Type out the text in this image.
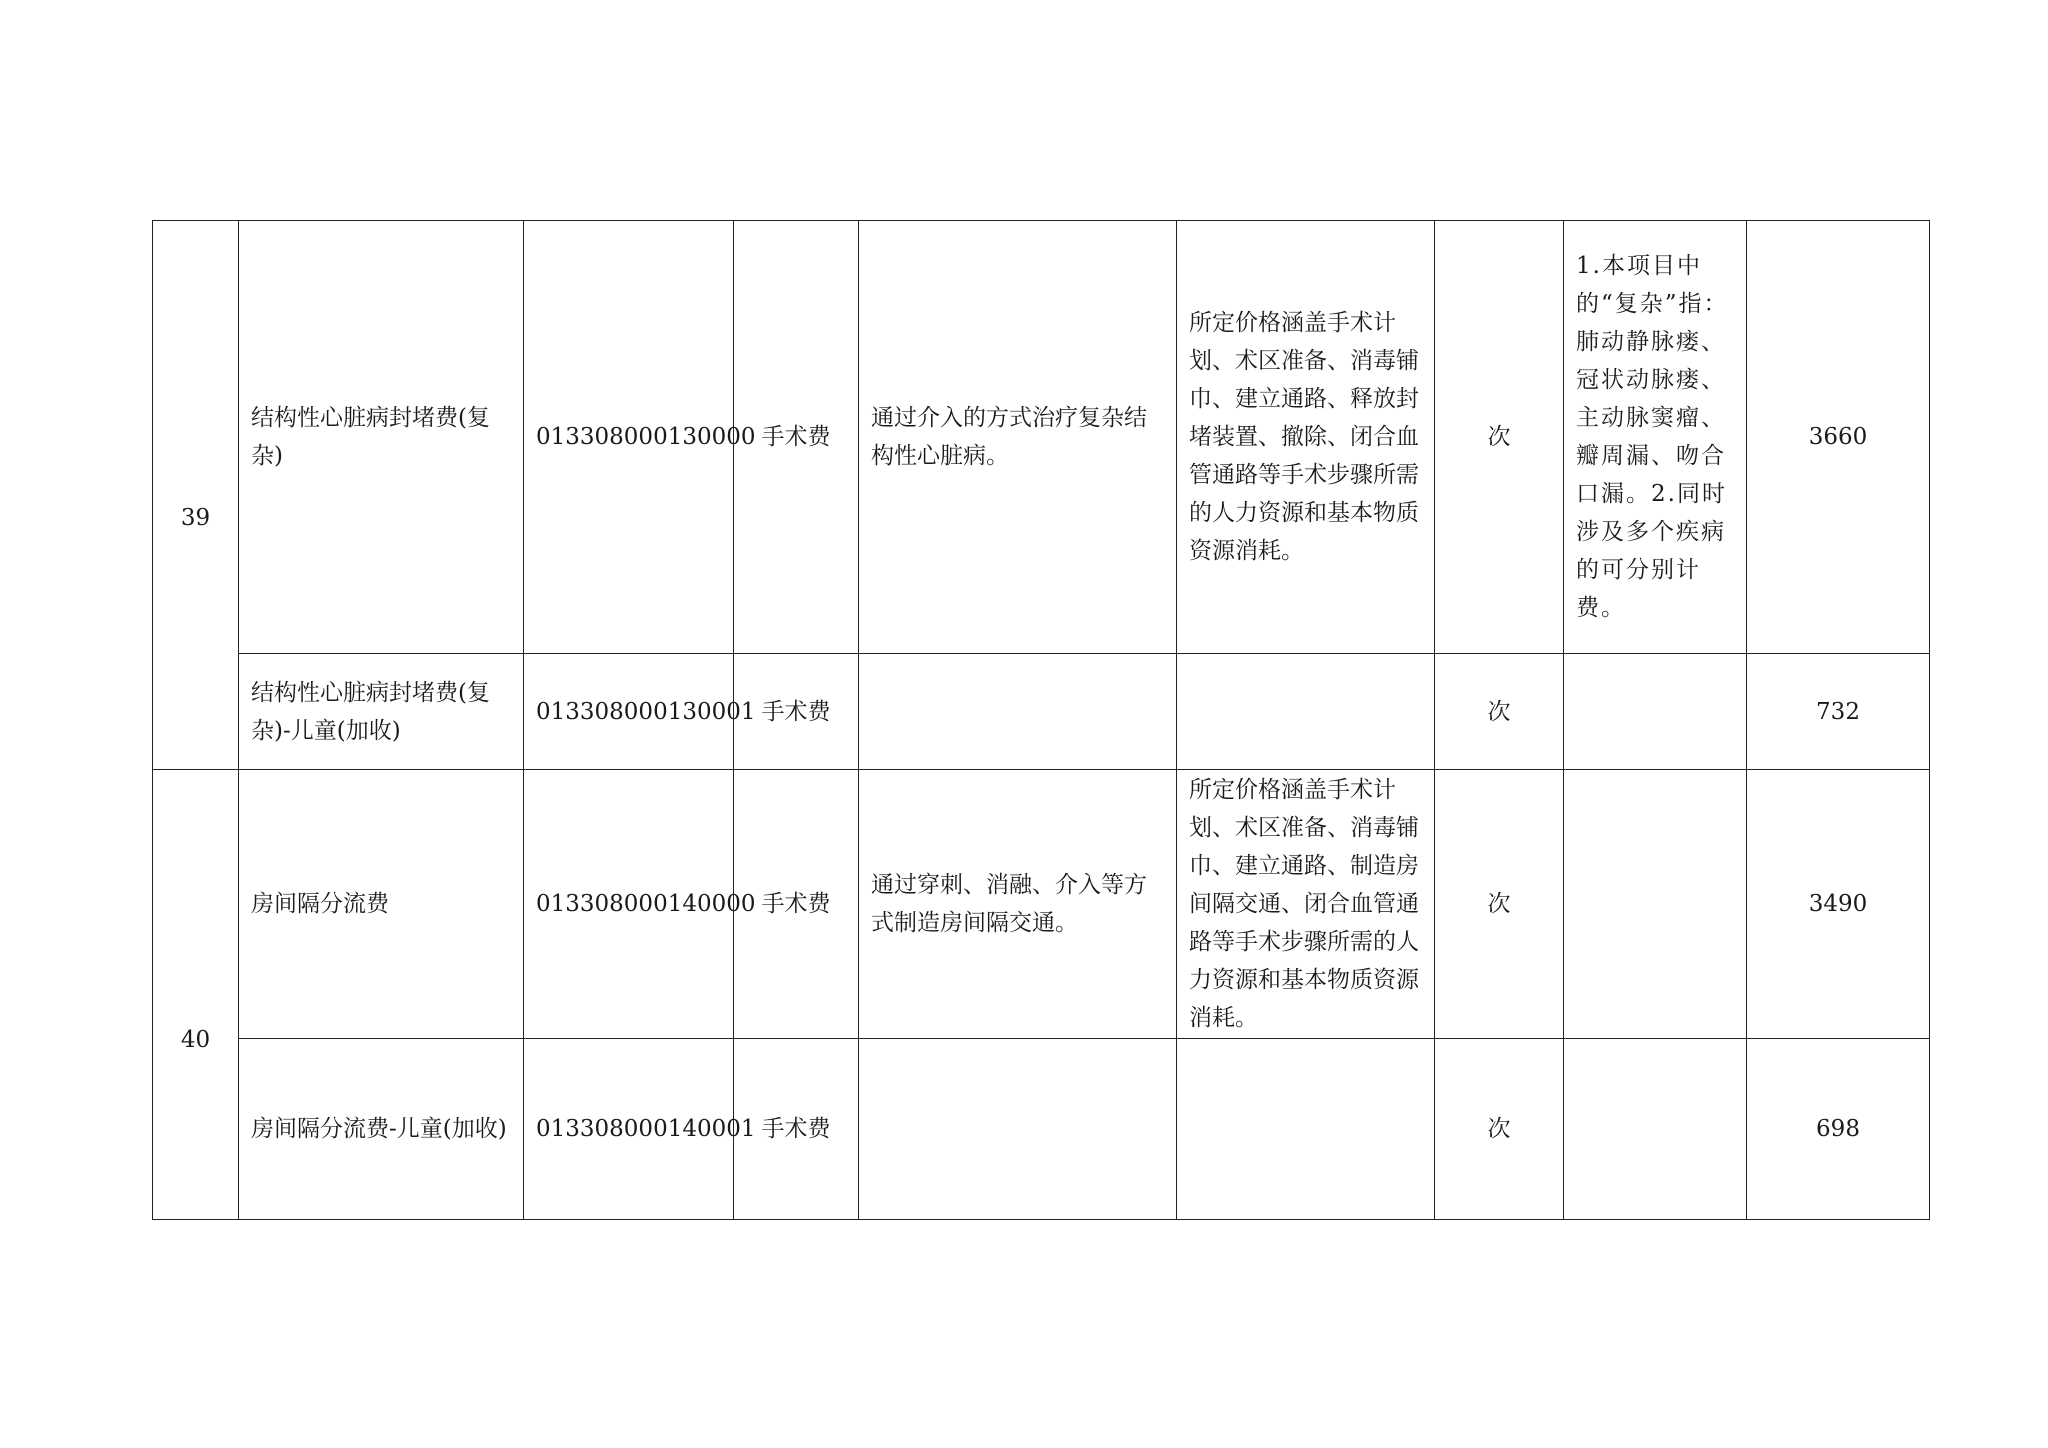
39	结构性心脏病封堵费(复杂)	013308000130000	手术费	通过介入的方式治疗复杂结构性心脏病。	所定价格涵盖手术计划、术区准备、消毒铺巾、建立通路、释放封堵装置、撤除、闭合血管通路等手术步骤所需的人力资源和基本物质资源消耗。	次	1.本项目中的“复杂”指：肺动静脉瘘、冠状动脉瘘、主动脉窦瘤、瓣周漏、吻合口漏。2.同时涉及多个疾病的可分别计费。	3660
	结构性心脏病封堵费(复杂)-儿童(加收)	013308000130001	手术费			次		732
40	房间隔分流费	013308000140000	手术费	通过穿刺、消融、介入等方式制造房间隔交通。	所定价格涵盖手术计划、术区准备、消毒铺巾、建立通路、制造房间隔交通、闭合血管通路等手术步骤所需的人力资源和基本物质资源消耗。	次		3490
	房间隔分流费-儿童(加收)	013308000140001	手术费			次		698
